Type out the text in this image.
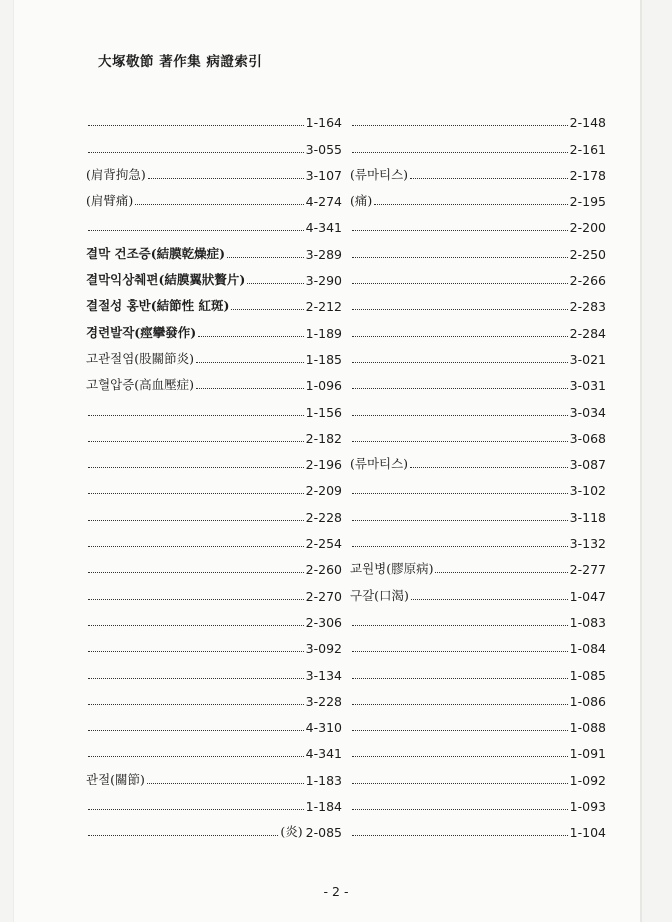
大塚敬節 著作集 病證索引
1-164
3-055
(肩背拘急)	3-107
(肩臂痛)	4-274
4-341
결막 건조증(結膜乾燥症)	3-289
결막익상췌편(結膜翼狀贅片)	3-290
결절성 홍반(結節性 紅斑)	2-212
경련발작(痙攣發作)	1-189
고관절염(股關節炎)	1-185
고혈압증(高血壓症)	1-096
1-156
2-182
2-196
2-209
2-228
2-254
2-260
2-270
2-306
3-092
3-134
3-228
4-310
4-341
관절(關節)	1-183
1-184
(炎) 2-085
2-148
2-161
(류마티스)	2-178
(痛)	2-195
2-200
2-250
2-266
2-283
2-284
3-021
3-031
3-034
3-068
(류마티스)	3-087
3-102
3-118
3-132
교원병(膠原病)	2-277
구갈(口渴)	1-047
1-083
1-084
1-085
1-086
1-088
1-091
1-092
1-093
1-104
- 2 -
